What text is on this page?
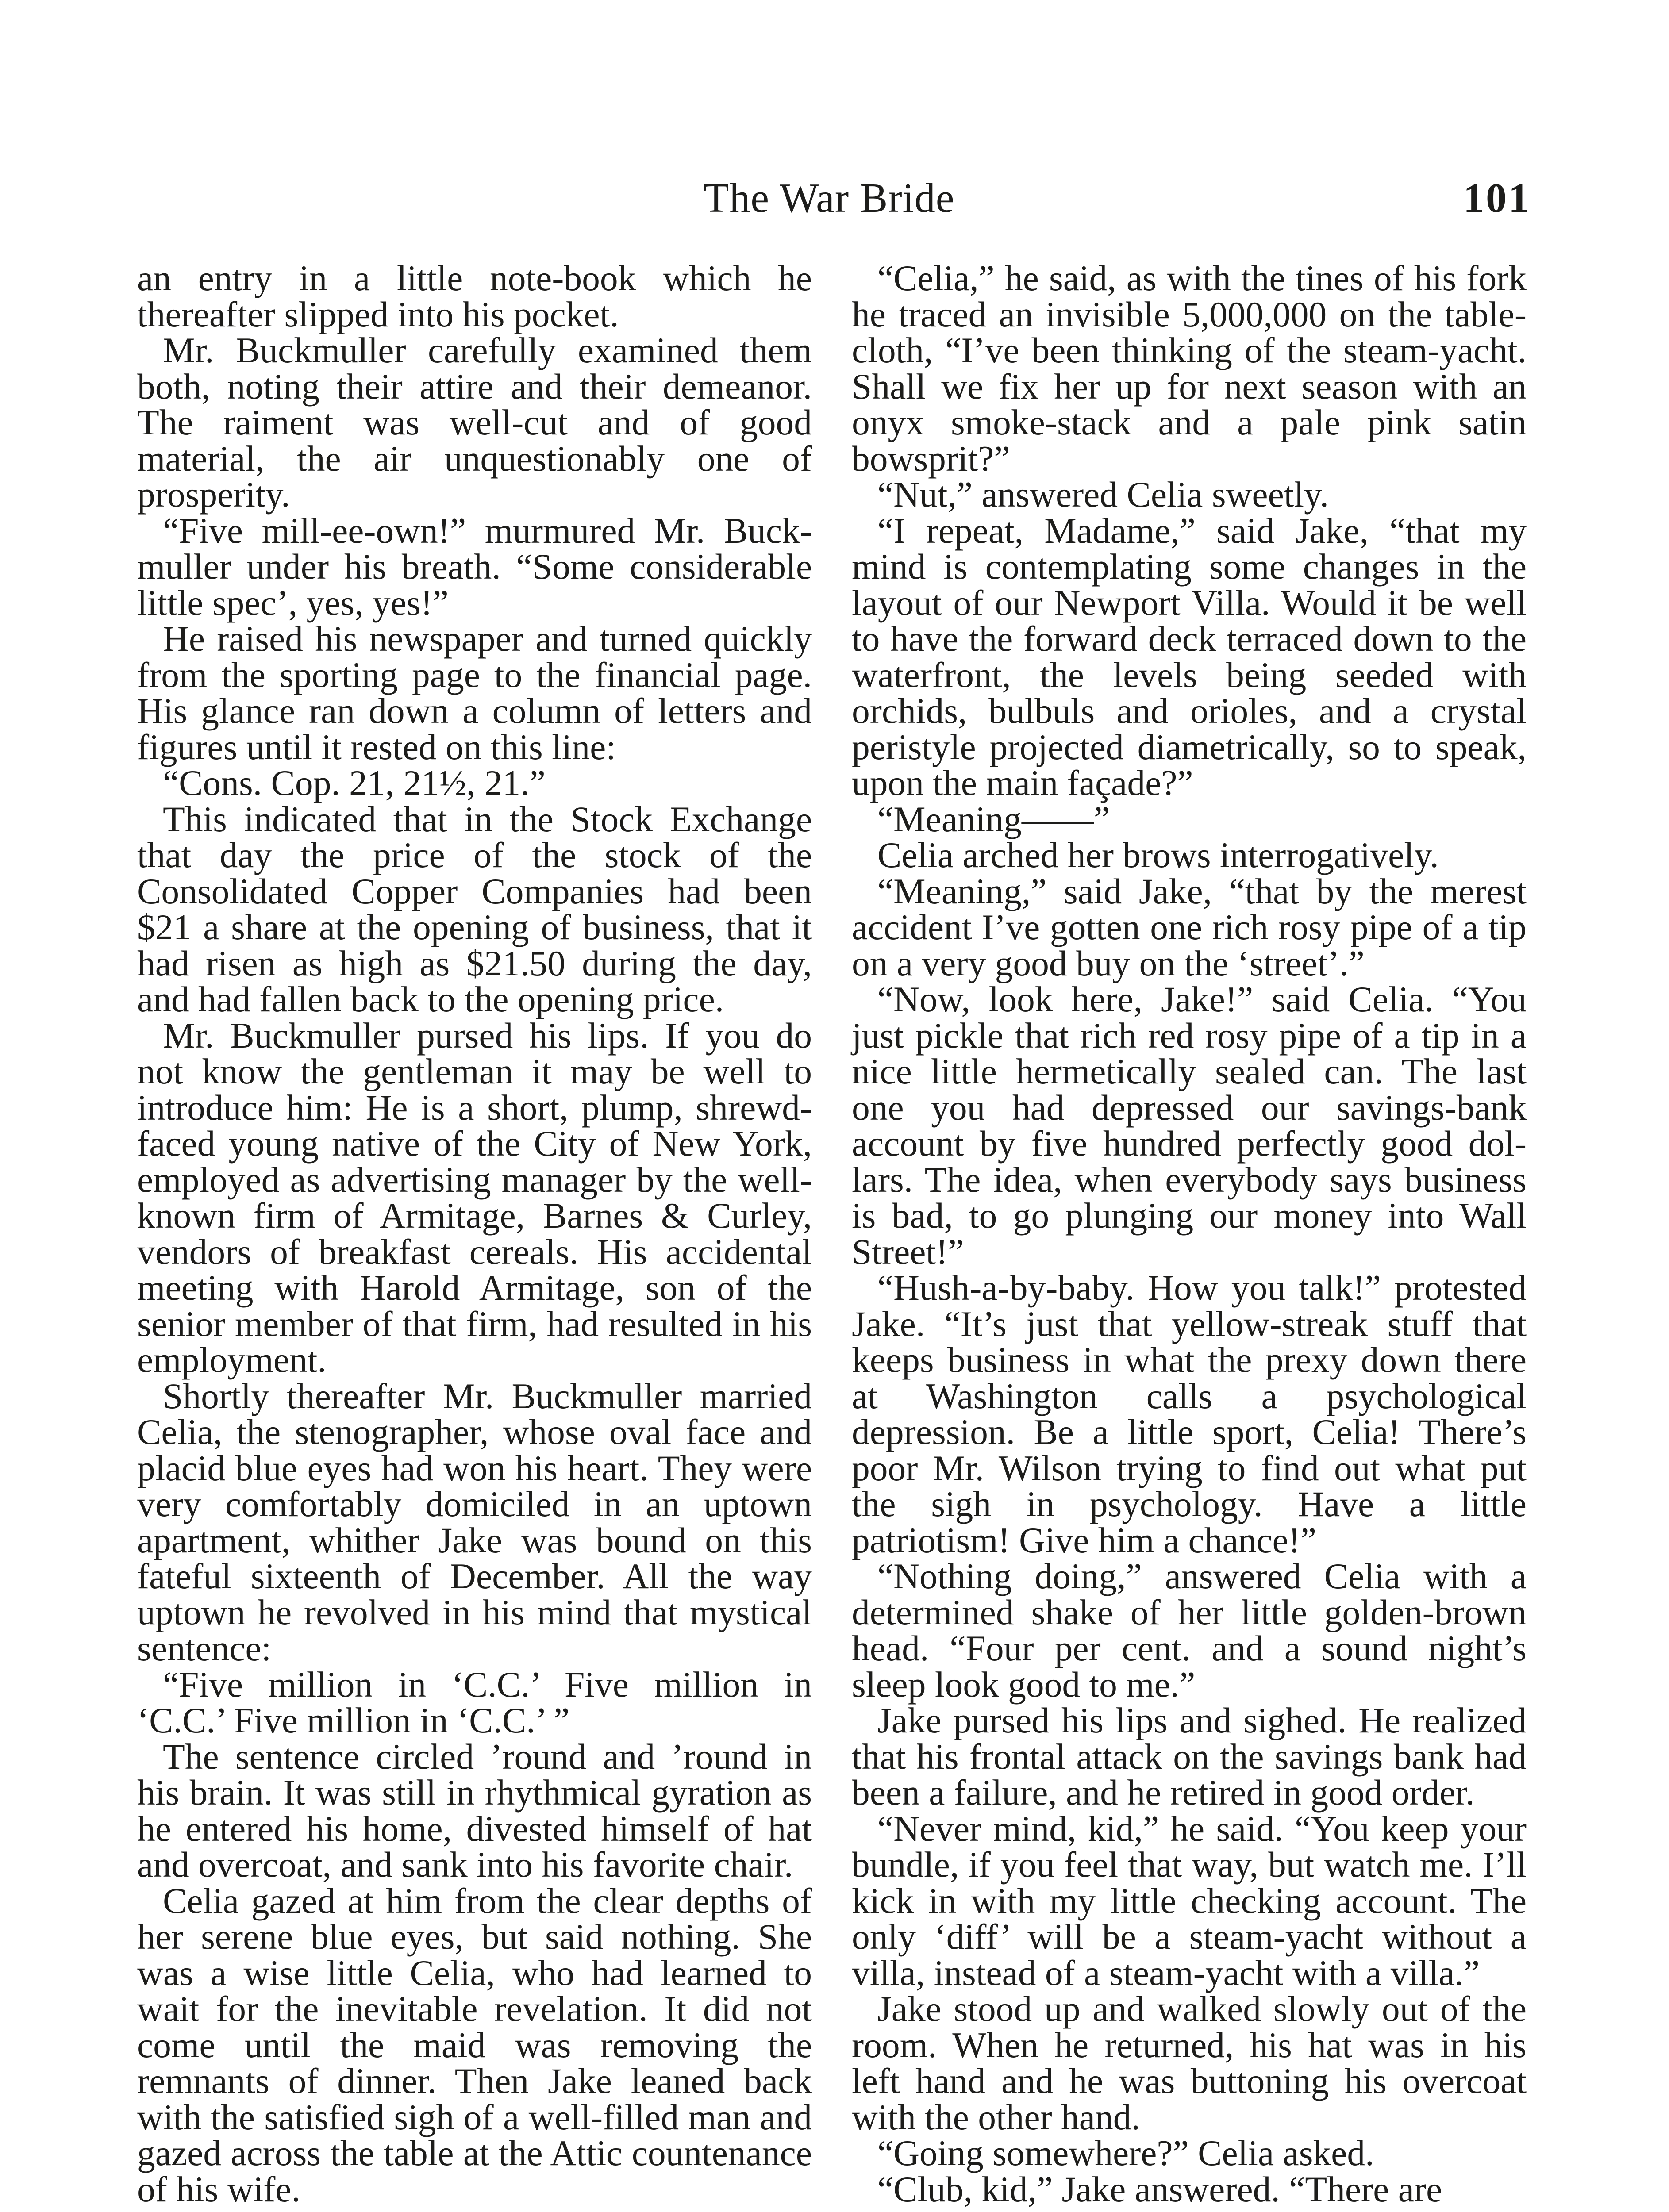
The War Bride	101

an entry in a little note-book which he thereafter slipped into his pocket.

Mr. Buckmuller carefully examined them both, noting their attire and their demeanor. The raiment was well-cut and of good material, the air unquestionably one of prosperity.

“Five mill-ee-own!” murmured Mr. Buckmuller under his breath. “Some considerable little spec’, yes, yes!”

He raised his newspaper and turned quickly from the sporting page to the financial page. His glance ran down a column of letters and figures until it rested on this line:

“Cons. Cop. 21, 21½, 21.”

This indicated that in the Stock Exchange that day the price of the stock of the Consolidated Copper Companies had been $21 a share at the opening of business, that it had risen as high as $21.50 during the day, and had fallen back to the opening price.

Mr. Buckmuller pursed his lips. If you do not know the gentleman it may be well to introduce him: He is a short, plump, shrewd-faced young native of the City of New York, employed as advertising manager by the well-known firm of Armitage, Barnes & Curley, vendors of breakfast cereals. His accidental meeting with Harold Armitage, son of the senior member of that firm, had resulted in his employment.

Shortly thereafter Mr. Buckmuller married Celia, the stenographer, whose oval face and placid blue eyes had won his heart. They were very comfortably domiciled in an uptown apartment, whither Jake was bound on this fateful sixteenth of December. All the way uptown he revolved in his mind that mystical sentence:

“Five million in ‘C.C.’ Five million in ‘C.C.’ Five million in ‘C.C.’ ”

The sentence circled ’round and ’round in his brain. It was still in rhythmical gyration as he entered his home, divested himself of hat and overcoat, and sank into his favorite chair.

Celia gazed at him from the clear depths of her serene blue eyes, but said nothing. She was a wise little Celia, who had learned to wait for the inevitable revelation. It did not come until the maid was removing the remnants of dinner. Then Jake leaned back with the satisfied sigh of a well-filled man and gazed across the table at the Attic countenance of his wife.

“Celia,” he said, as with the tines of his fork he traced an invisible 5,000,000 on the table-cloth, “I’ve been thinking of the steam-yacht. Shall we fix her up for next season with an onyx smoke-stack and a pale pink satin bowsprit?”

“Nut,” answered Celia sweetly.

“I repeat, Madame,” said Jake, “that my mind is contemplating some changes in the layout of our Newport Villa. Would it be well to have the forward deck terraced down to the waterfront, the levels being seeded with orchids, bulbuls and orioles, and a crystal peristyle projected diametrically, so to speak, upon the main façade?”

“Meaning——”

Celia arched her brows interrogatively.

“Meaning,” said Jake, “that by the merest accident I’ve gotten one rich rosy pipe of a tip on a very good buy on the ‘street’.”

“Now, look here, Jake!” said Celia. “You just pickle that rich red rosy pipe of a tip in a nice little hermetically sealed can. The last one you had depressed our savings-bank account by five hundred perfectly good dollars. The idea, when everybody says business is bad, to go plunging our money into Wall Street!”

“Hush-a-by-baby. How you talk!” protested Jake. “It’s just that yellow-streak stuff that keeps business in what the prexy down there at Washington calls a psychological depression. Be a little sport, Celia! There’s poor Mr. Wilson trying to find out what put the sigh in psychology. Have a little patriotism! Give him a chance!”

“Nothing doing,” answered Celia with a determined shake of her little golden-brown head. “Four per cent. and a sound night’s sleep look good to me.”

Jake pursed his lips and sighed. He realized that his frontal attack on the savings bank had been a failure, and he retired in good order.

“Never mind, kid,” he said. “You keep your bundle, if you feel that way, but watch me. I’ll kick in with my little checking account. The only ‘diff’ will be a steam-yacht without a villa, instead of a steam-yacht with a villa.”

Jake stood up and walked slowly out of the room. When he returned, his hat was in his left hand and he was buttoning his overcoat with the other hand.

“Going somewhere?” Celia asked.

“Club, kid,” Jake answered. “There are
